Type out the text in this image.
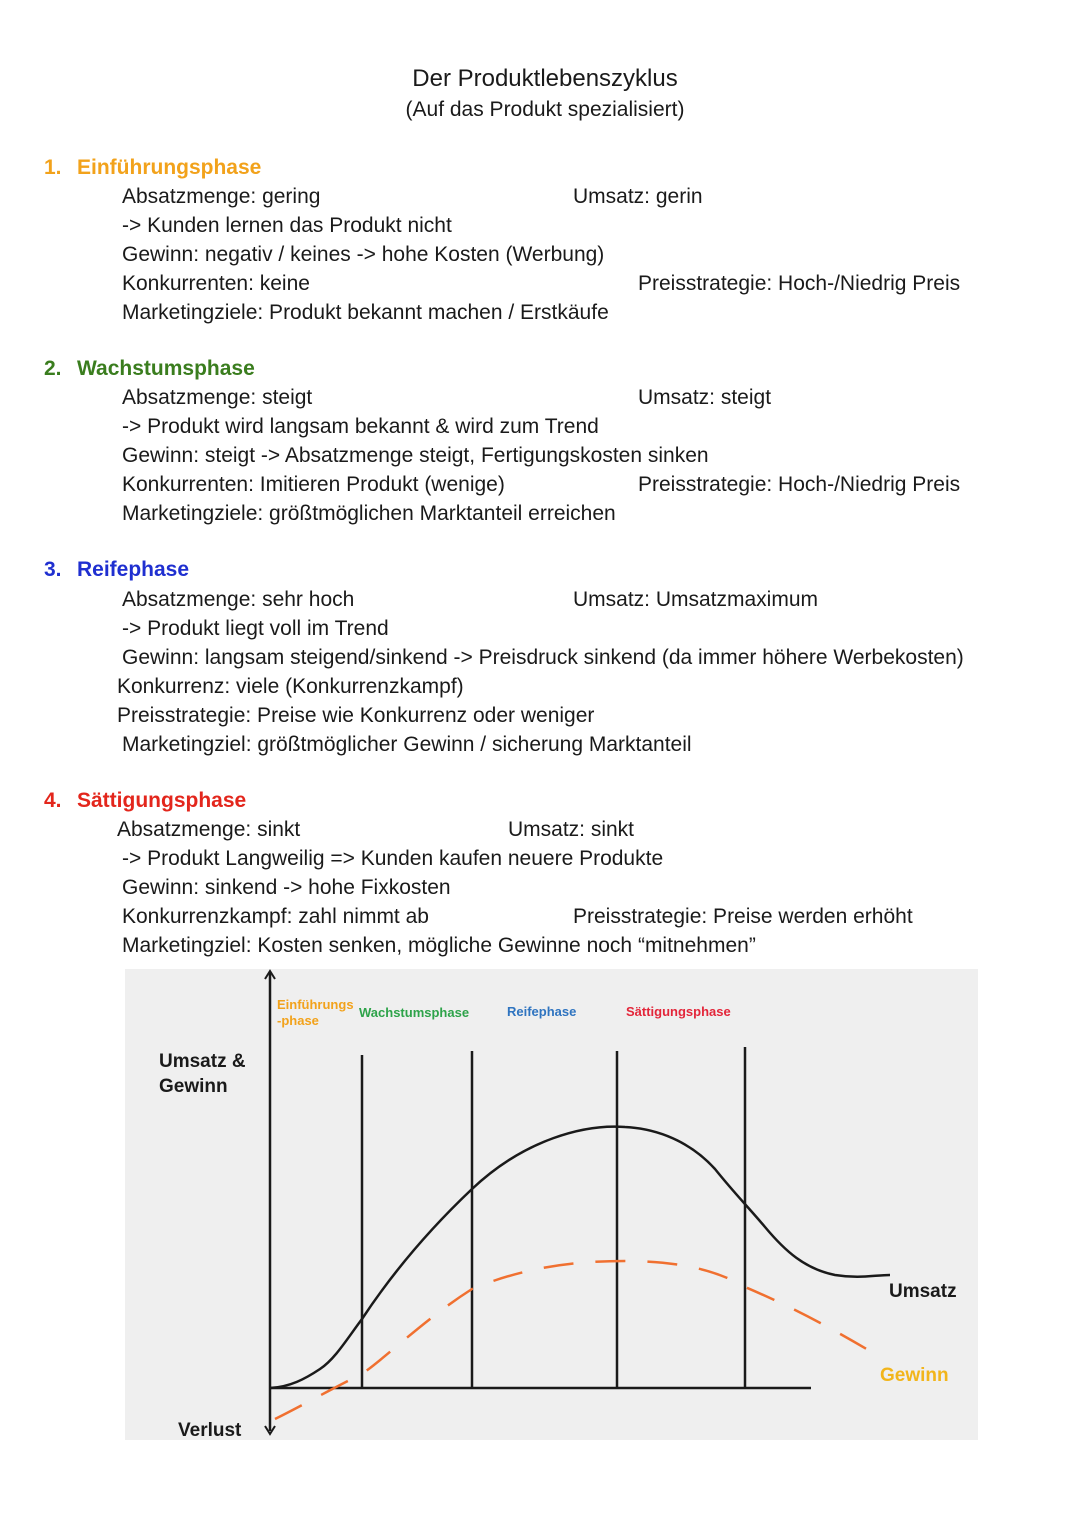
Der Produktlebenszyklus
(Auf das Produkt spezialisiert)
1. Einführungsphase
Absatzmenge: gering	Umsatz: gerin
-> Kunden lernen das Produkt nicht
Gewinn: negativ / keines -> hohe Kosten (Werbung)
Konkurrenten: keine	Preisstrategie: Hoch-/Niedrig Preis
Marketingziele: Produkt bekannt machen / Erstkäufe
2. Wachstumsphase
Absatzmenge: steigt	Umsatz: steigt
-> Produkt wird langsam bekannt & wird zum Trend
Gewinn: steigt -> Absatzmenge steigt, Fertigungskosten sinken
Konkurrenten: Imitieren Produkt (wenige)	Preisstrategie: Hoch-/Niedrig Preis
Marketingziele: größtmöglichen Marktanteil erreichen
3. Reifephase
Absatzmenge: sehr hoch	Umsatz: Umsatzmaximum
-> Produkt liegt voll im Trend
Gewinn: langsam steigend/sinkend -> Preisdruck sinkend (da immer höhere Werbekosten)
Konkurrenz: viele (Konkurrenzkampf)
Preisstrategie: Preise wie Konkurrenz oder weniger
Marketingziel: größtmöglicher Gewinn / sicherung Marktanteil
4. Sättigungsphase
Absatzmenge: sinkt	Umsatz: sinkt
-> Produkt Langweilig => Kunden kaufen neuere Produkte
Gewinn: sinkend -> hohe Fixkosten
Konkurrenzkampf: zahl nimmt ab	Preisstrategie: Preise werden erhöht
Marketingziel: Kosten senken, mögliche Gewinne noch “mitnehmen”
Einführungs
-phase
Wachstumsphase	Reifephase	Sättigungsphase
Umsatz &
Gewinn
Verlust
Umsatz
Gewinn
